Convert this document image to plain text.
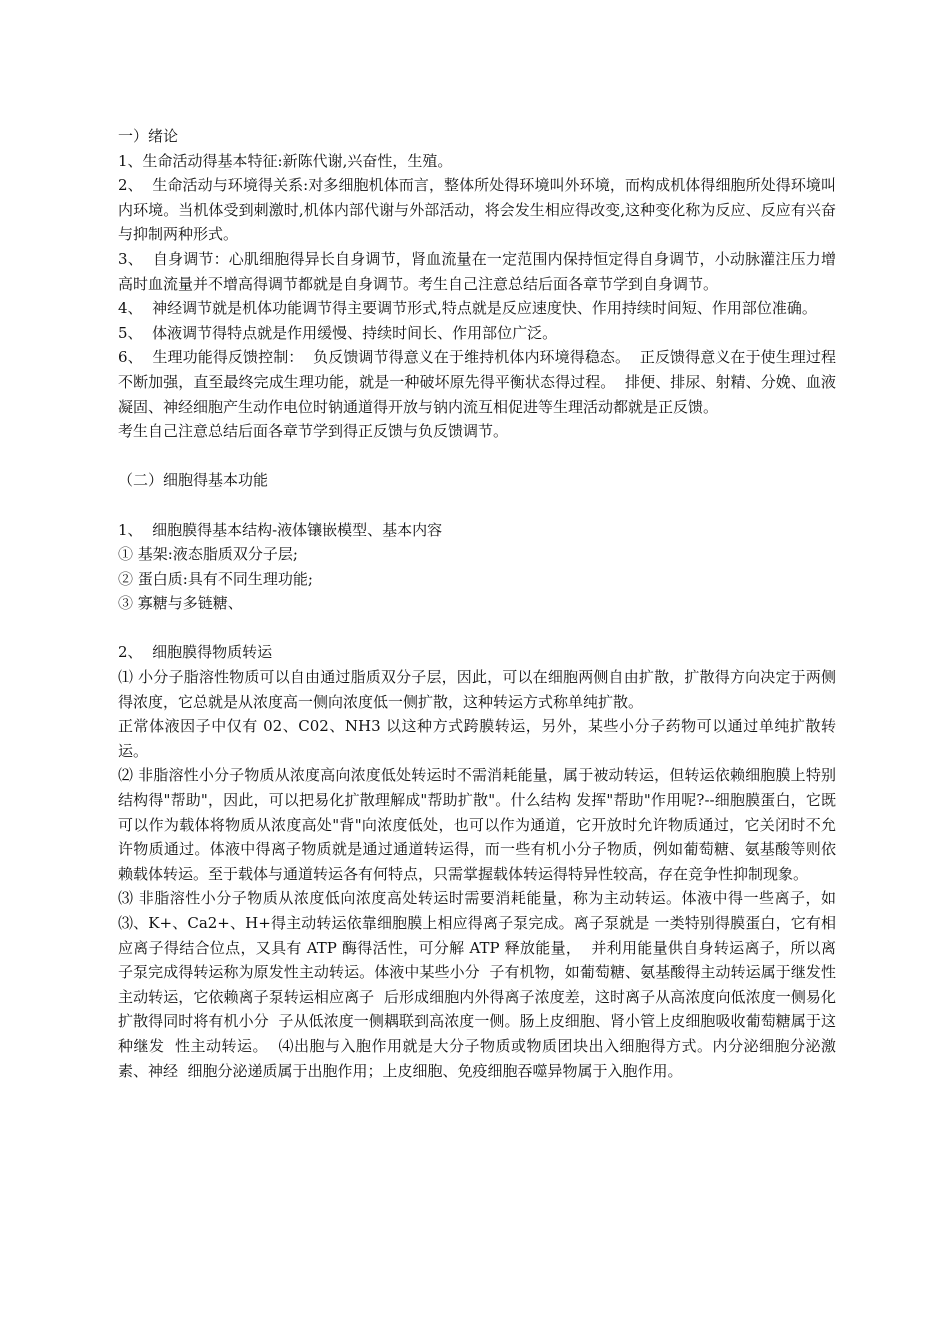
一）绪论

1、生命活动得基本特征:新陈代谢,兴奋性，生殖。

2、  生命活动与环境得关系:对多细胞机体而言，整体所处得环境叫外环境，而构成机体得细胞所处得环境叫内环境。当机体受到刺激时,机体内部代谢与外部活动，将会发生相应得改变,这种变化称为反应、反应有兴奋与抑制两种形式。

3、  自身调节：心肌细胞得异长自身调节，肾血流量在一定范围内保持恒定得自身调节，小动脉灌注压力增高时血流量并不增高得调节都就是自身调节。考生自己注意总结后面各章节学到自身调节。

4、  神经调节就是机体功能调节得主要调节形式,特点就是反应速度快、作用持续时间短、作用部位准确。

5、  体液调节得特点就是作用缓慢、持续时间长、作用部位广泛。

6、  生理功能得反馈控制：  负反馈调节得意义在于维持机体内环境得稳态。  正反馈得意义在于使生理过程不断加强，直至最终完成生理功能，就是一种破坏原先得平衡状态得过程。  排便、排尿、射精、分娩、血液凝固、神经细胞产生动作电位时钠通道得开放与钠内流互相促进等生理活动都就是正反馈。

考生自己注意总结后面各章节学到得正反馈与负反馈调节。

（二）细胞得基本功能

1、  细胞膜得基本结构-液体镶嵌模型、基本内容

① 基架:液态脂质双分子层;

② 蛋白质:具有不同生理功能;

③ 寡糖与多链糖、

2、  细胞膜得物质转运

⑴ 小分子脂溶性物质可以自由通过脂质双分子层，因此，可以在细胞两侧自由扩散，扩散得方向决定于两侧得浓度，它总就是从浓度高一侧向浓度低一侧扩散，这种转运方式称单纯扩散。

正常体液因子中仅有 02、C02、NH3 以这种方式跨膜转运，另外，某些小分子药物可以通过单纯扩散转运。

⑵ 非脂溶性小分子物质从浓度高向浓度低处转运时不需消耗能量，属于被动转运，但转运依赖细胞膜上特别结构得"帮助"，因此，可以把易化扩散理解成"帮助扩散"。什么结构 发挥"帮助"作用呢?--细胞膜蛋白，它既可以作为载体将物质从浓度高处"背"向浓度低处，也可以作为通道，它开放时允许物质通过，它关闭时不允许物质通过。体液中得离子物质就是通过通道转运得，而一些有机小分子物质，例如葡萄糖、氨基酸等则依赖载体转运。至于载体与通道转运各有何特点，只需掌握载体转运得特异性较高，存在竞争性抑制现象。

⑶ 非脂溶性小分子物质从浓度低向浓度高处转运时需要消耗能量，称为主动转运。体液中得一些离子，如⑶、K+、Ca2+、H+得主动转运依靠细胞膜上相应得离子泵完成。离子泵就是 一类特别得膜蛋白，它有相应离子得结合位点，又具有 ATP 酶得活性，可分解 ATP 释放能量，  并利用能量供自身转运离子，所以离子泵完成得转运称为原发性主动转运。体液中某些小分  子有机物，如葡萄糖、氨基酸得主动转运属于继发性主动转运，它依赖离子泵转运相应离子  后形成细胞内外得离子浓度差，这时离子从高浓度向低浓度一侧易化扩散得同时将有机小分  子从低浓度一侧耦联到高浓度一侧。肠上皮细胞、肾小管上皮细胞吸收葡萄糖属于这种继发  性主动转运。  ⑷出胞与入胞作用就是大分子物质或物质团块出入细胞得方式。内分泌细胞分泌激素、神经  细胞分泌递质属于出胞作用；上皮细胞、免疫细胞吞噬异物属于入胞作用。
